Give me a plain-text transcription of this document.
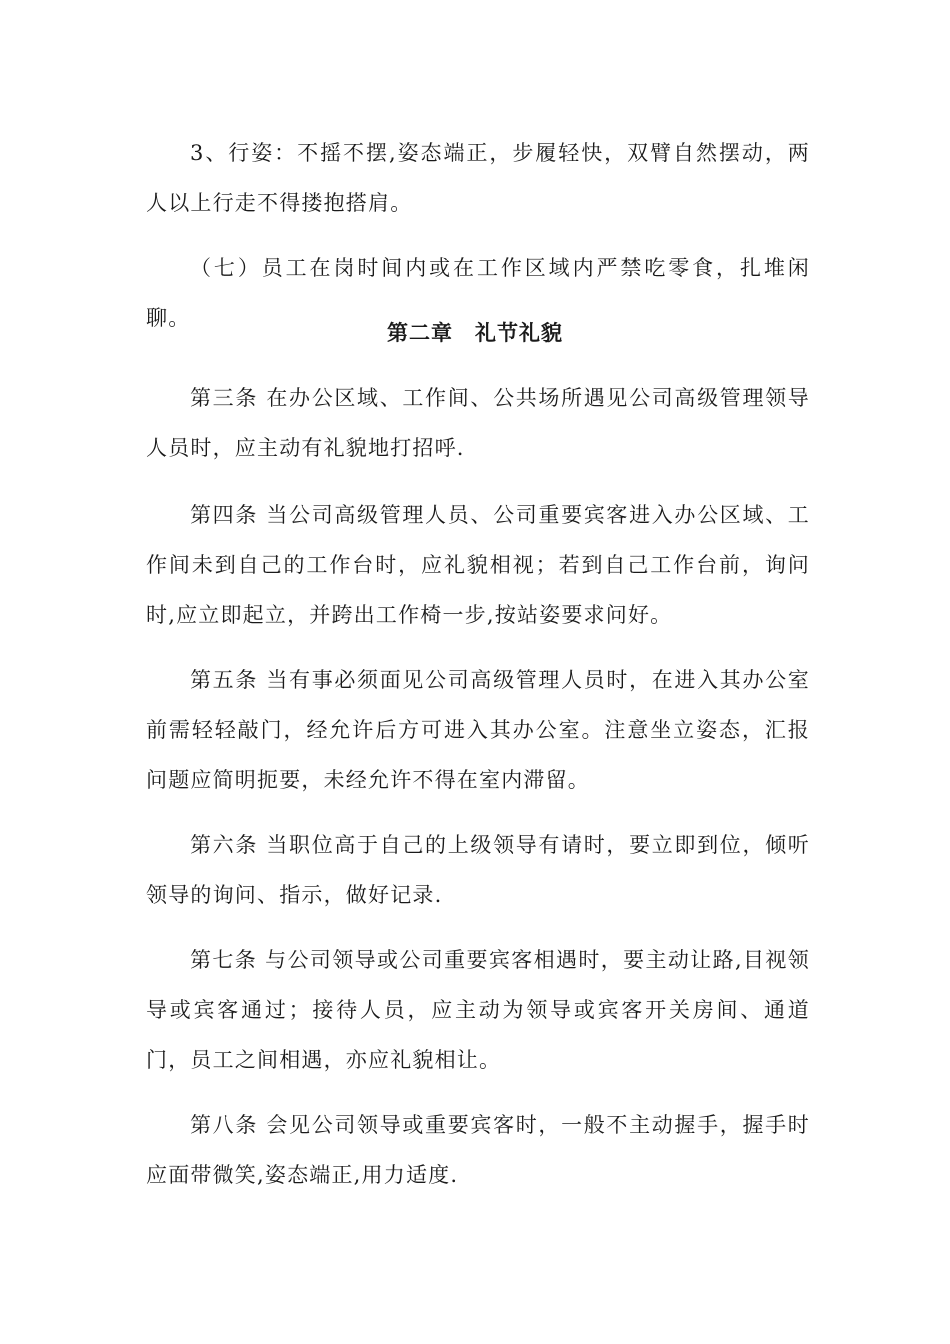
3、行姿：不摇不摆,姿态端正，步履轻快，双臂自然摆动，两人以上行走不得搂抱搭肩。

（七）员工在岗时间内或在工作区域内严禁吃零食，扎堆闲聊。

第二章　礼节礼貌

第三条 在办公区域、工作间、公共场所遇见公司高级管理领导人员时，应主动有礼貌地打招呼.

第四条 当公司高级管理人员、公司重要宾客进入办公区域、工作间未到自己的工作台时，应礼貌相视；若到自己工作台前，询问时,应立即起立，并跨出工作椅一步,按站姿要求问好。

第五条 当有事必须面见公司高级管理人员时，在进入其办公室前需轻轻敲门，经允许后方可进入其办公室。注意坐立姿态，汇报问题应简明扼要，未经允许不得在室内滞留。

第六条 当职位高于自己的上级领导有请时，要立即到位，倾听领导的询问、指示，做好记录.

第七条 与公司领导或公司重要宾客相遇时，要主动让路,目视领导或宾客通过；接待人员，应主动为领导或宾客开关房间、通道门，员工之间相遇，亦应礼貌相让。

第八条 会见公司领导或重要宾客时，一般不主动握手，握手时应面带微笑,姿态端正,用力适度.
